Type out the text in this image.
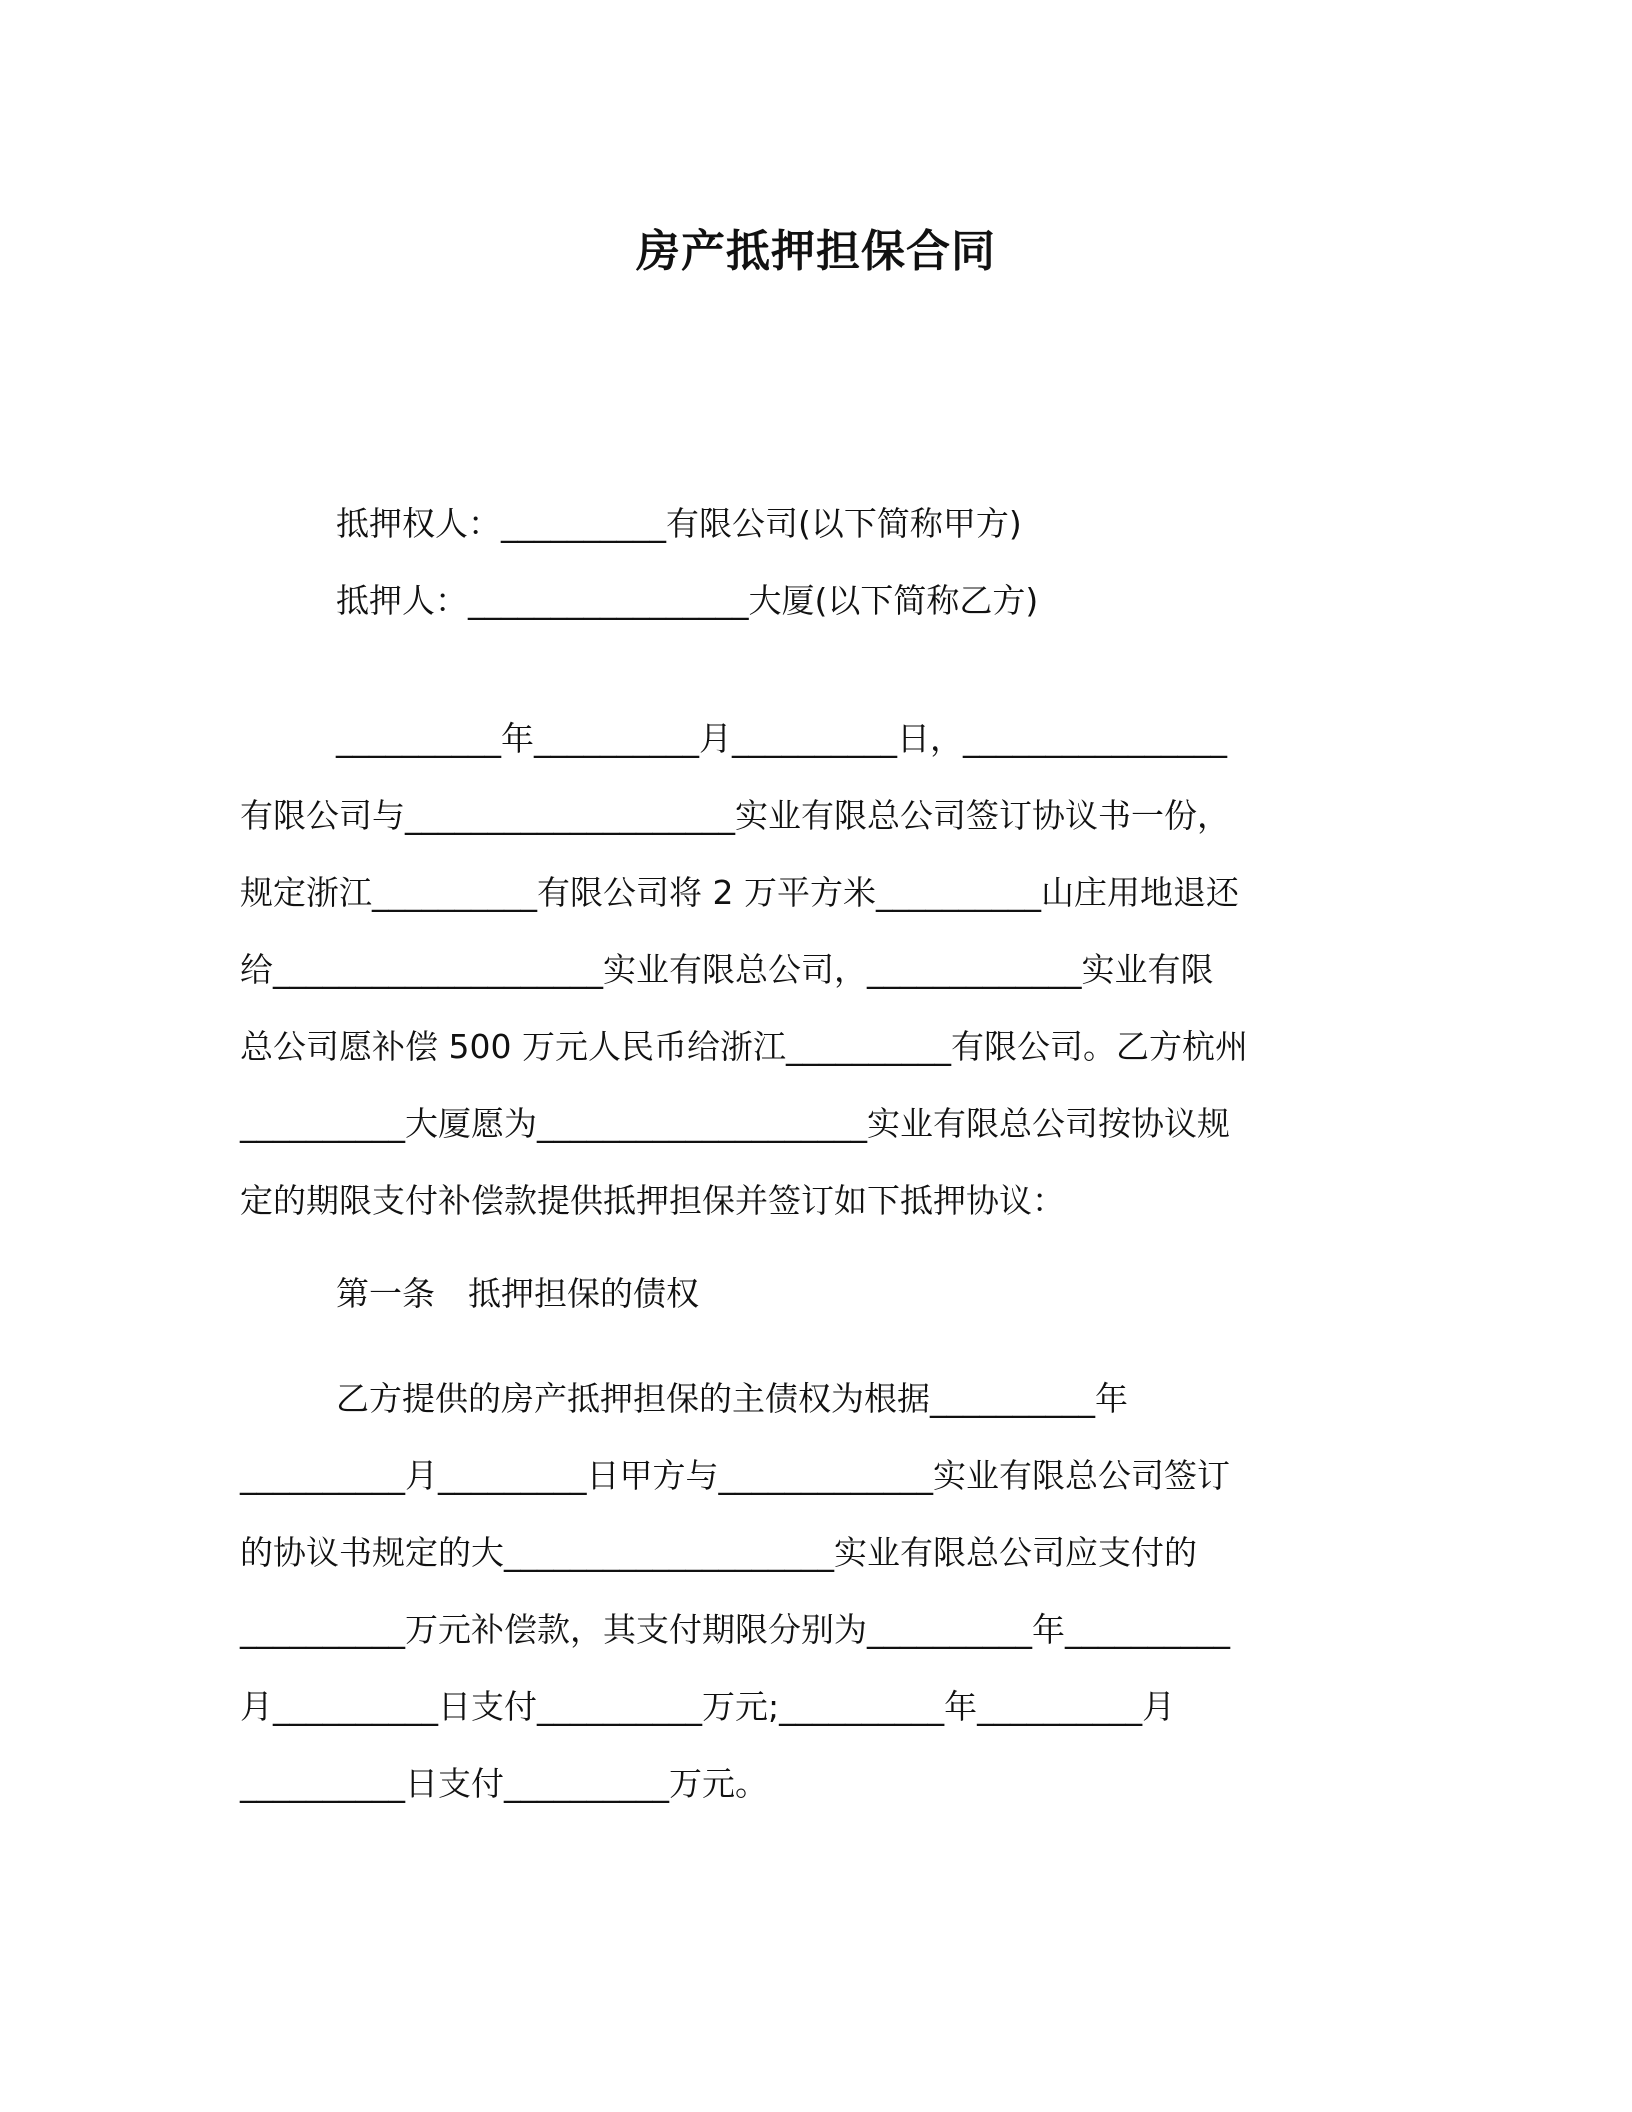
房产抵押担保合同
抵押权人：__________有限公司(以下简称甲方)
抵押人：_________________大厦(以下简称乙方)
__________年__________月__________日，________________
有限公司与____________________实业有限总公司签订协议书一份，
规定浙江__________有限公司将 2 万平方米__________山庄用地退还
给____________________实业有限总公司，_____________实业有限
总公司愿补偿 500 万元人民币给浙江__________有限公司。乙方杭州
__________大厦愿为____________________实业有限总公司按协议规
定的期限支付补偿款提供抵押担保并签订如下抵押协议：
第一条　抵押担保的债权
乙方提供的房产抵押担保的主债权为根据__________年
__________月_________日甲方与_____________实业有限总公司签订
的协议书规定的大____________________实业有限总公司应支付的
__________万元补偿款，其支付期限分别为__________年__________
月__________日支付__________万元;__________年__________月
__________日支付__________万元。
